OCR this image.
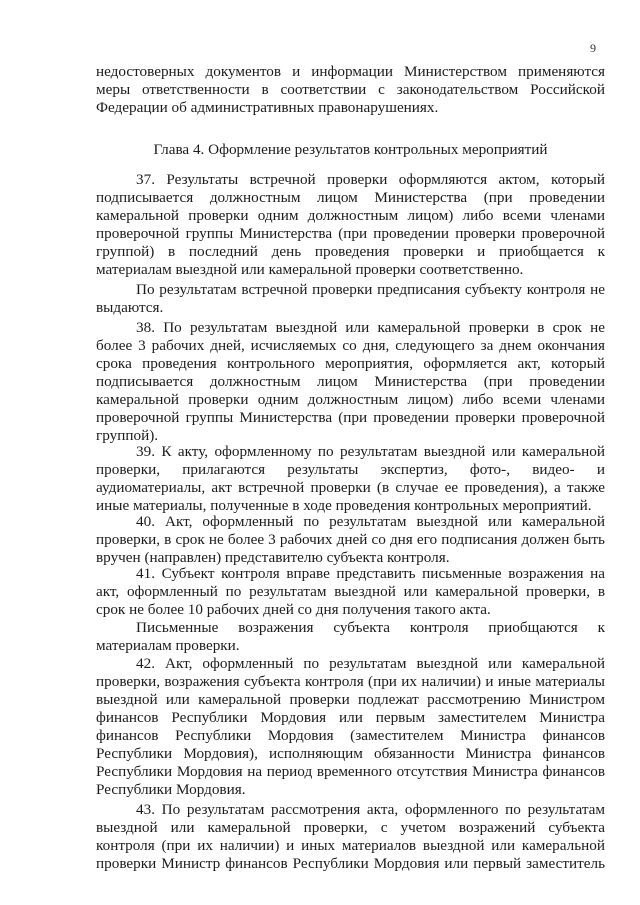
9
Глава 4. Оформление результатов контрольных мероприятий
недостоверных документов и информации Министерством применяются
меры ответственности в соответствии с законодательством Российской
Федерации об административных правонарушениях.
37. Результаты встречной проверки оформляются актом, который
подписывается должностным лицом Министерства (при проведении
камеральной проверки одним должностным лицом) либо всеми членами
проверочной группы Министерства (при проведении проверки проверочной
группой) в последний день проведения проверки и приобщается к
материалам выездной или камеральной проверки соответственно.
По результатам встречной проверки предписания субъекту контроля не
выдаются.
38. По результатам выездной или камеральной проверки в срок не
более 3 рабочих дней, исчисляемых со дня, следующего за днем окончания
срока проведения контрольного мероприятия, оформляется акт, который
подписывается должностным лицом Министерства (при проведении
камеральной проверки одним должностным лицом) либо всеми членами
проверочной группы Министерства (при проведении проверки проверочной
группой).
39. К акту, оформленному по результатам выездной или камеральной
проверки, прилагаются результаты экспертиз, фото-, видео- и
аудиоматериалы, акт встречной проверки (в случае ее проведения), а также
иные материалы, полученные в ходе проведения контрольных мероприятий.
40. Акт, оформленный по результатам выездной или камеральной
проверки, в срок не более 3 рабочих дней со дня его подписания должен быть
вручен (направлен) представителю субъекта контроля.
41. Субъект контроля вправе представить письменные возражения на
акт, оформленный по результатам выездной или камеральной проверки, в
срок не более 10 рабочих дней со дня получения такого акта.
Письменные возражения субъекта контроля приобщаются к
материалам проверки.
42. Акт, оформленный по результатам выездной или камеральной
проверки, возражения субъекта контроля (при их наличии) и иные материалы
выездной или камеральной проверки подлежат рассмотрению Министром
финансов Республики Мордовия или первым заместителем Министра
финансов Республики Мордовия (заместителем Министра финансов
Республики Мордовия), исполняющим обязанности Министра финансов
Республики Мордовия на период временного отсутствия Министра финансов
Республики Мордовия.
43. По результатам рассмотрения акта, оформленного по результатам
выездной или камеральной проверки, с учетом возражений субъекта
контроля (при их наличии) и иных материалов выездной или камеральной
проверки Министр финансов Республики Мордовия или первый заместитель
